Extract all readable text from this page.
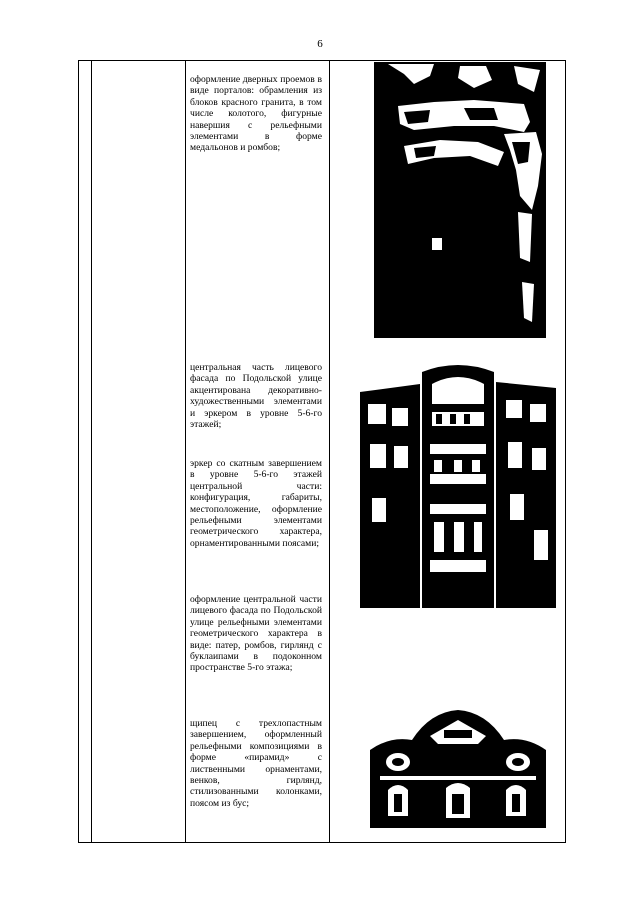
6
оформление дверных проемов в виде порталов: обрамления из блоков красного гранита, в том числе колотого, фигурные навершия с рельефными элементами в форме медальонов и ромбов;
центральная часть лицевого фасада по Подольской улице акцентирована декоративно-художественными элементами и эркером в уровне 5-6-го этажей;
эркер со скатным завершением в уровне 5-6-го этажей центральной части: конфигурация, габариты, местоположение, оформление рельефными элементами геометрического характера, орнаментированными поясами;
оформление центральной части лицевого фасада по Подольской улице рельефными элементами геометрического характера в виде: патер, ромбов, гирлянд с буклаипами в подоконном пространстве 5-го этажа;
щипец с трехлопастным завершением, оформленный рельефными композициями в форме «пирамид» с лиственными орнаментами, венков, гирлянд, стилизованными колонками, поясом из бус;
